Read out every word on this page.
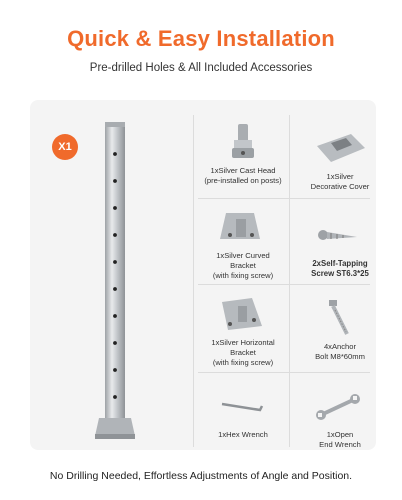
Quick & Easy Installation
Pre-drilled Holes & All Included Accessories
X1
1xSilver Cast Head
(pre-installed on posts)	1xSilver
Decorative Cover
1xSilver Curved
Bracket
(with fixing screw)
2xSelf-Tapping
Screw ST6.3*25
1xSilver Horizontal
Bracket
(with fixing screw)
4xAnchor
Bolt M8*60mm
1xHex Wrench	1xOpen
End Wrench
No Drilling Needed, Effortless Adjustments of Angle and Position.
